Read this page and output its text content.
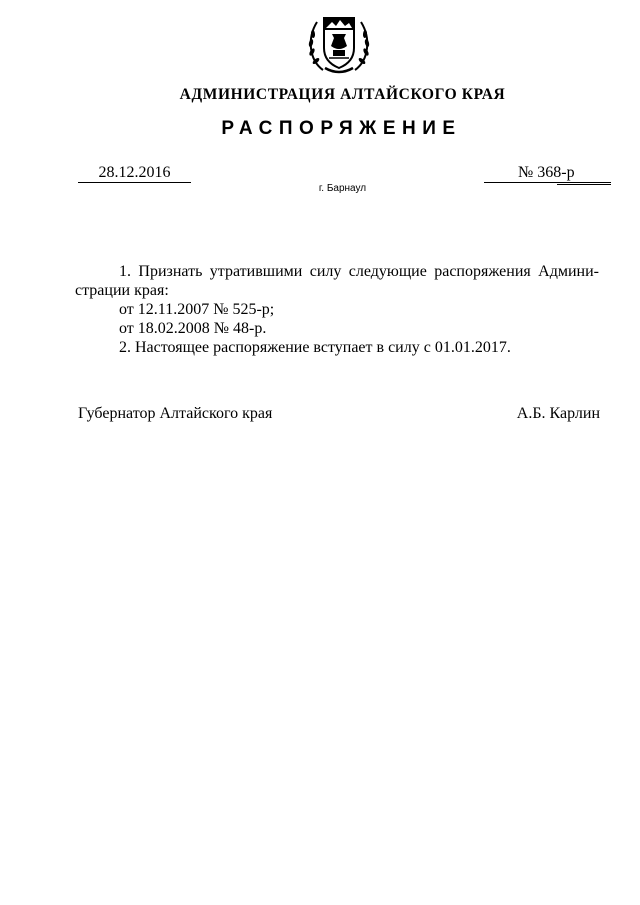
АДМИНИСТРАЦИЯ АЛТАЙСКОГО КРАЯ
РАСПОРЯЖЕНИЕ
28.12.2016	№ 368-р
г. Барнаул
1. Признать утратившими силу следующие распоряжения Админи-
страции края:
от 12.11.2007 № 525-р;
от 18.02.2008 № 48-р.
2. Настоящее распоряжение вступает в силу с 01.01.2017.
Губернатор Алтайского края	А.Б. Карлин
